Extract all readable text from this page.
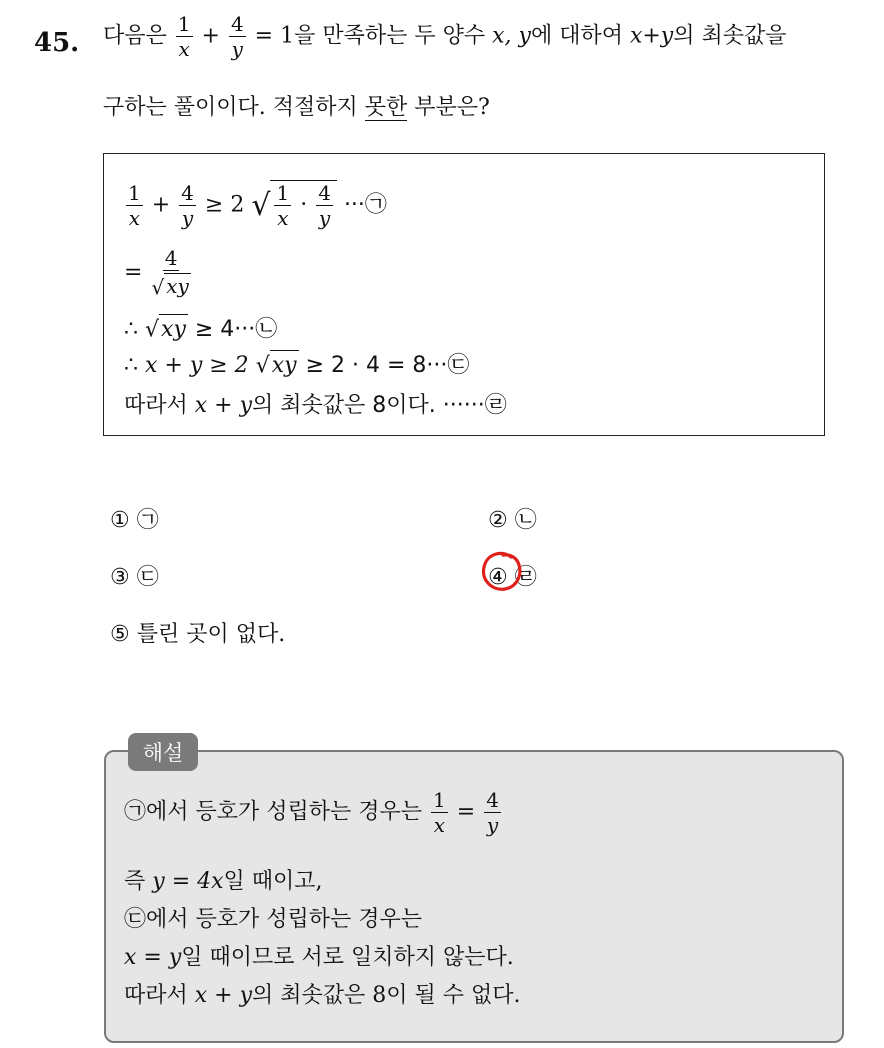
45. 다음은 $\frac{1}{x} + \frac{4}{y} = 1$을 만족하는 두 양수 x, y에 대하여 x+y의 최솟값을
구하는 풀이이다. 적절하지 못한 부분은?
$\frac{1}{x} + \frac{4}{y} \ge 2$ √ $\frac{1}{x} \cdot \frac{4}{y}$ ···㉠
= $\frac{4}{√ xy}$
∴ √xy ≥ 4···㉡
∴ x + y ≥ 2 √xy ≥ 2 · 4 = 8···㉢
따라서 x + y의 최솟값은 8이다. ······㉣
① ㉠	② ㉡
③ ㉢	④ ㉣
⑤ 틀린 곳이 없다.
해설
㉠에서 등호가 성립하는 경우는 $\frac{1}{x} = \frac{4}{y}$
즉 y = 4x일 때이고,
㉢에서 등호가 성립하는 경우는
x = y일 때이므로 서로 일치하지 않는다.
따라서 x + y의 최솟값은 8이 될 수 없다.
